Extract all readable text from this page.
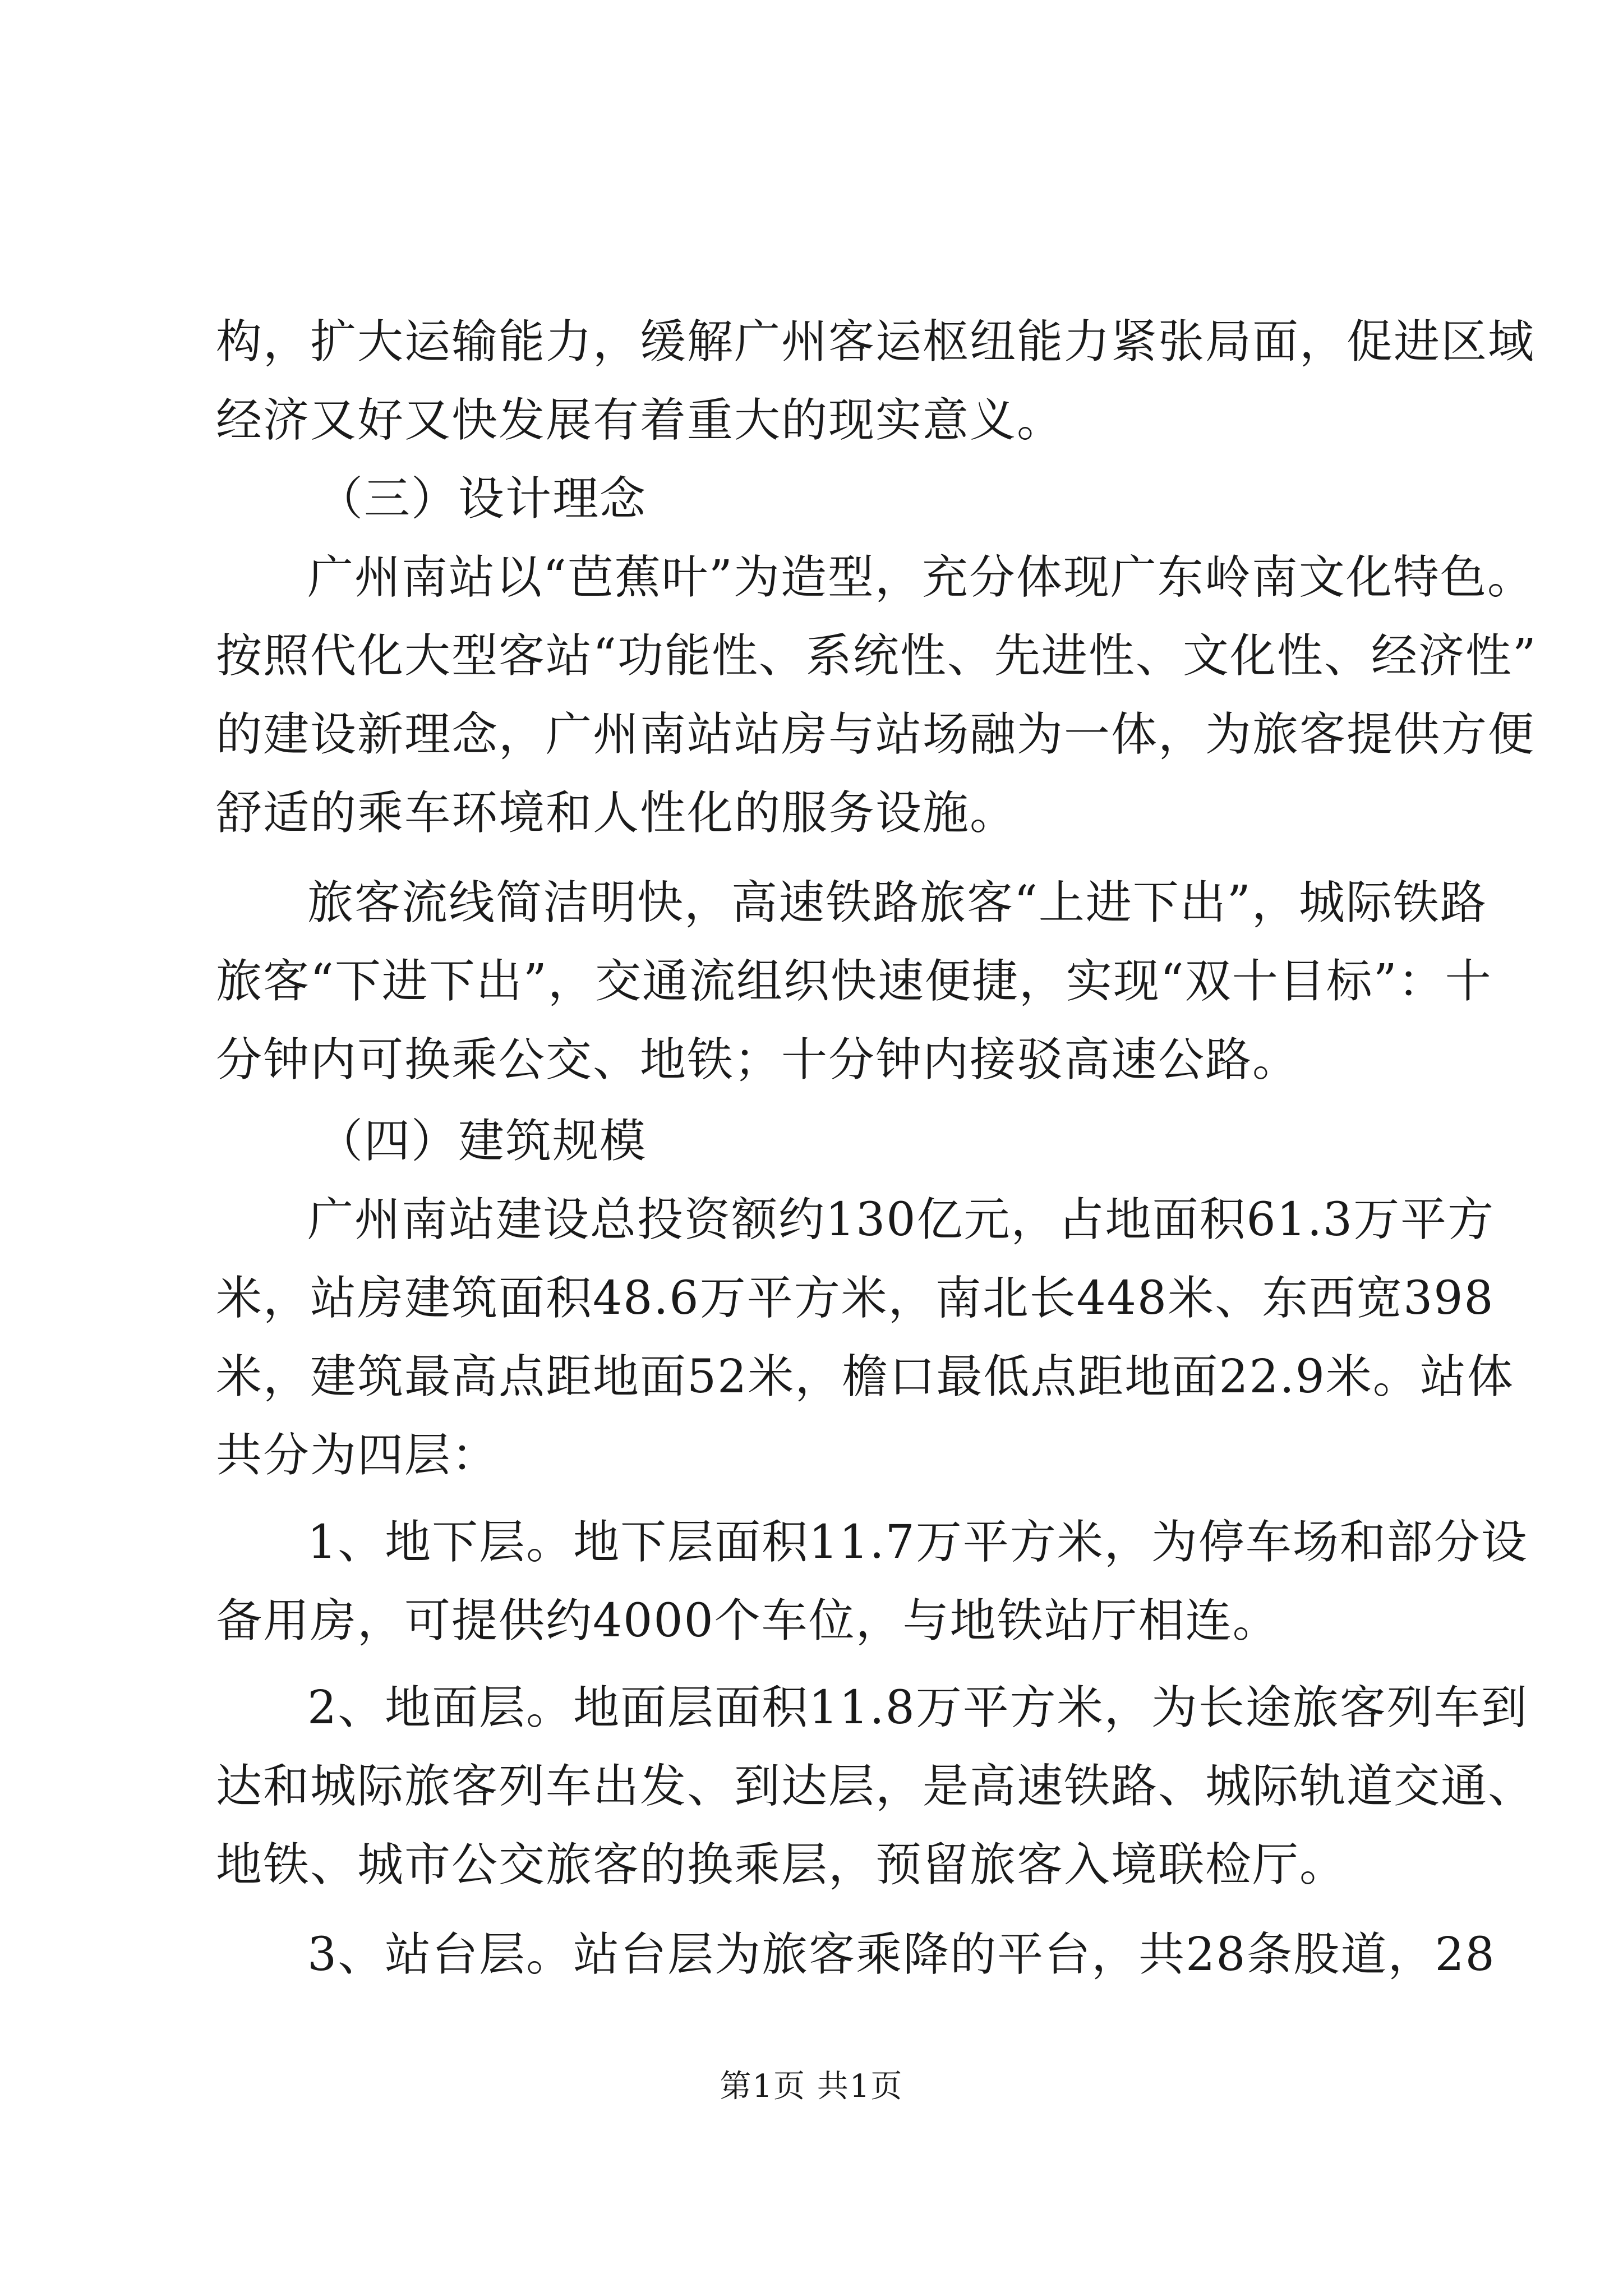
构，扩大运输能力，缓解广州客运枢纽能力紧张局面，促进区域
经济又好又快发展有着重大的现实意义。
（三）设计理念
广州南站以“芭蕉叶”为造型，充分体现广东岭南文化特色。
按照代化大型客站“功能性、系统性、先进性、文化性、经济性”
的建设新理念，广州南站站房与站场融为一体，为旅客提供方便
舒适的乘车环境和人性化的服务设施。
旅客流线简洁明快，高速铁路旅客“上进下出”，城际铁路
旅客“下进下出”，交通流组织快速便捷，实现“双十目标”：十
分钟内可换乘公交、地铁；十分钟内接驳高速公路。
（四）建筑规模
广州南站建设总投资额约130亿元，占地面积61.3万平方
米，站房建筑面积48.6万平方米，南北长448米、东西宽398
米，建筑最高点距地面52米，檐口最低点距地面22.9米。站体
共分为四层：
1、地下层。地下层面积11.7万平方米，为停车场和部分设
备用房，可提供约4000个车位，与地铁站厅相连。
2、地面层。地面层面积11.8万平方米，为长途旅客列车到
达和城际旅客列车出发、到达层，是高速铁路、城际轨道交通、
地铁、城市公交旅客的换乘层，预留旅客入境联检厅。
3、站台层。站台层为旅客乘降的平台，共28条股道，28
第1页 共1页
